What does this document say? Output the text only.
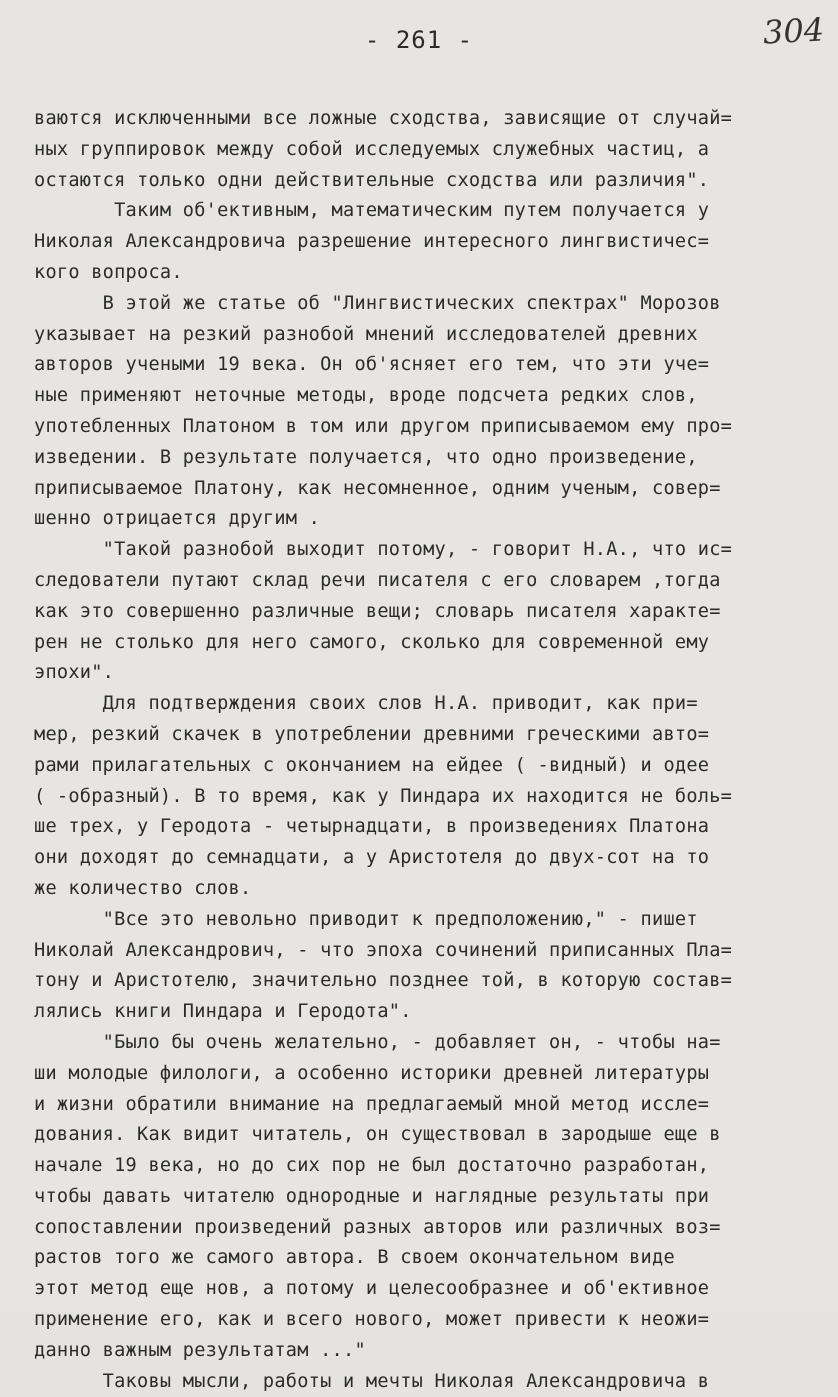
- 261 -	304
ваются исключенными все ложные сходства, зависящие от случай=
ных группировок между собой исследуемых служебных частиц, а
остаются только одни действительные сходства или различия".
Таким об'ективным, математическим путем получается у
Николая Александровича разрешение интересного лингвистичес=
кого вопроса.
В этой же статье об "Лингвистических спектрах" Морозов
указывает на резкий разнобой мнений исследователей древних
авторов учеными 19 века. Он об'ясняет его тем, что эти уче=
ные применяют неточные методы, вроде подсчета редких слов,
употебленных Платоном в том или другом приписываемом ему про=
изведении. В результате получается, что одно произведение,
приписываемое Платону, как несомненное, одним ученым, совер=
шенно отрицается другим .
"Такой разнобой выходит потому, - говорит Н.А., что ис=
следователи путают склад речи писателя с его словарем ,тогда
как это совершенно различные вещи; словарь писателя характе=
рен не столько для него самого, сколько для современной ему
эпохи".
Для подтверждения своих слов Н.А. приводит, как при=
мер, резкий скачек в употреблении древними греческими авто=
рами прилагательных с окончанием на ейдее ( -видный) и одее
( -образный). В то время, как у Пиндара их находится не боль=
ше трех, у Геродота - четырнадцати, в произведениях Платона
они доходят до семнадцати, а у Аристотеля до двух-сот на то
же количество слов.
"Все это невольно приводит к предположению," - пишет
Николай Александрович, - что эпоха сочинений приписанных Пла=
тону и Аристотелю, значительно позднее той, в которую состав=
лялись книги Пиндара и Геродота".
"Было бы очень желательно, - добавляет он, - чтобы на=
ши молодые филологи, а особенно историки древней литературы
и жизни обратили внимание на предлагаемый мной метод иссле=
дования. Как видит читатель, он существовал в зародыше еще в
начале 19 века, но до сих пор не был достаточно разработан,
чтобы давать читателю однородные и наглядные результаты при
сопоставлении произведений разных авторов или различных воз=
растов того же самого автора. В своем окончательном виде
этот метод еще нов, а потому и целесообразнее и об'ективное
применение его, как и всего нового, может привести к неожи=
данно важным результатам ..."
Таковы мысли, работы и мечты Николая Александровича в
